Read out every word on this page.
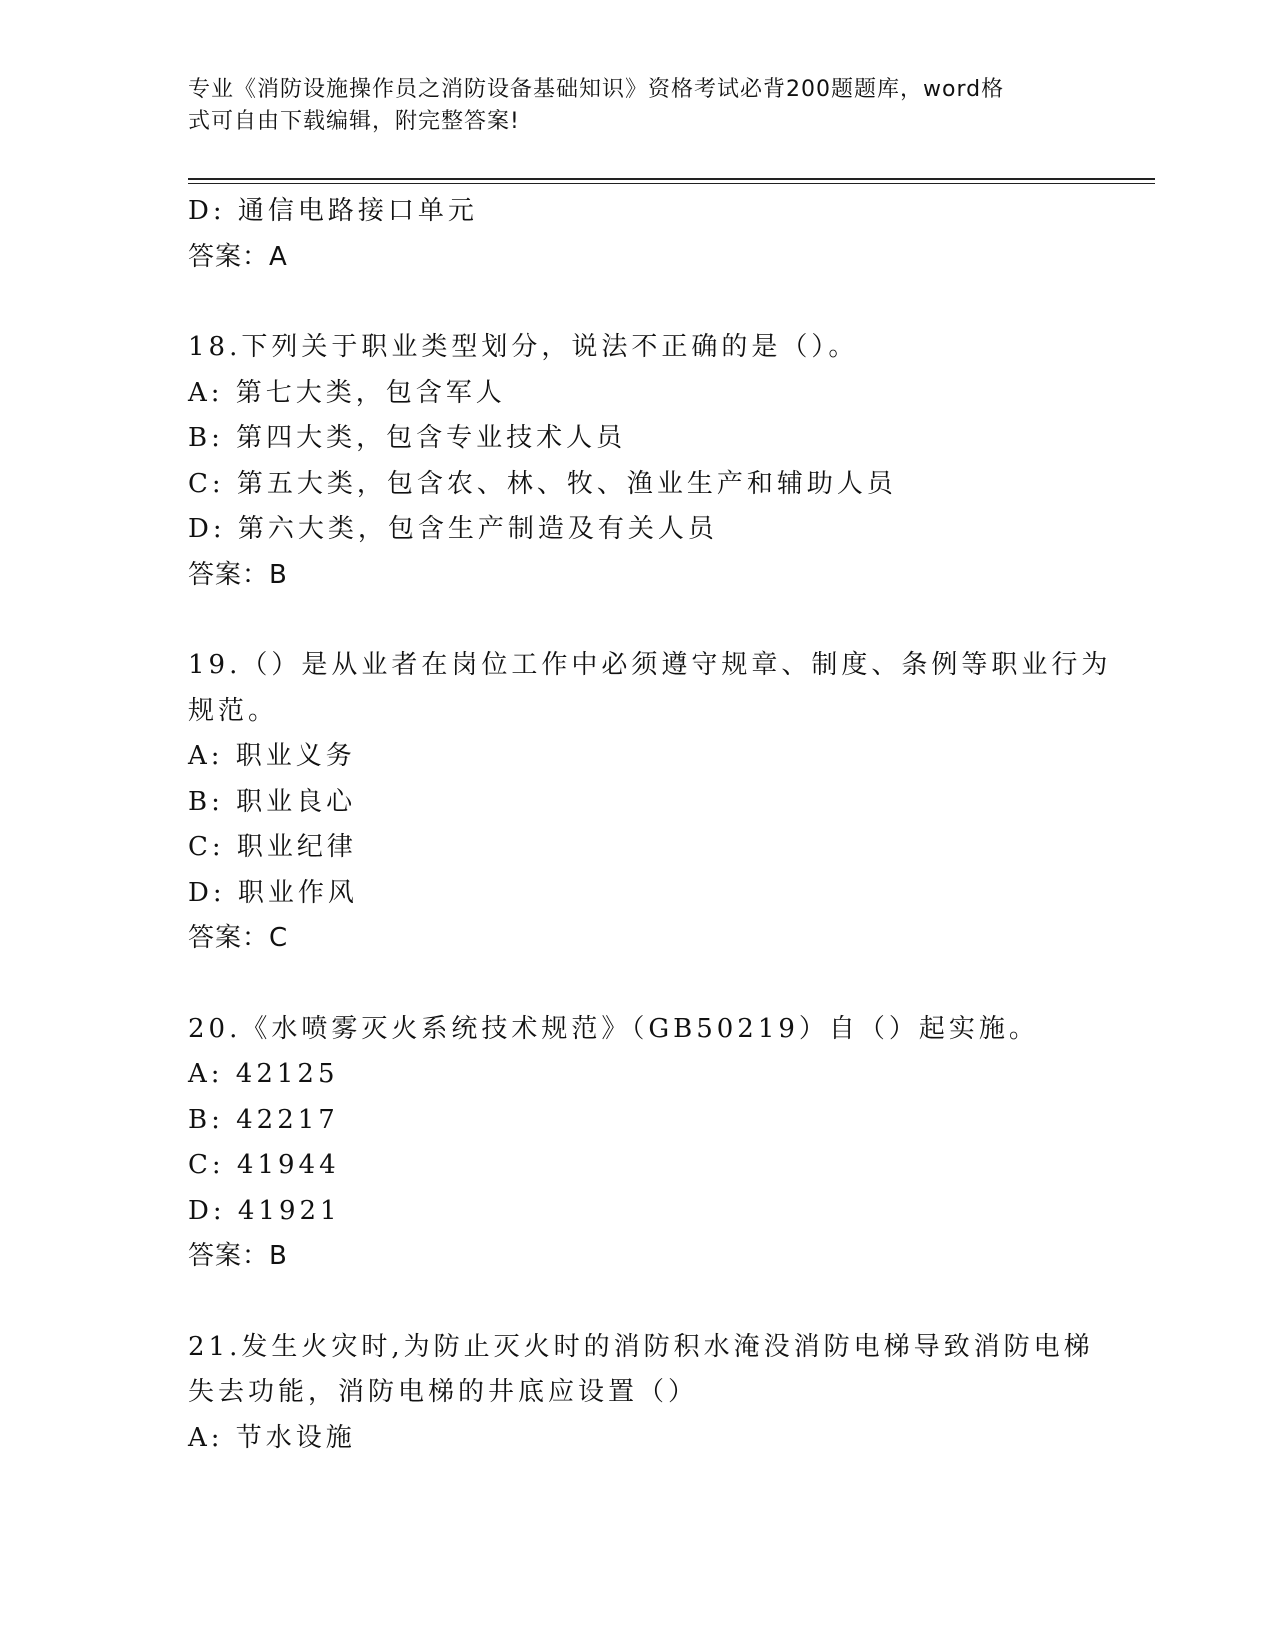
专业《消防设施操作员之消防设备基础知识》资格考试必背200题题库，word格
式可自由下载编辑，附完整答案!
D: 通信电路接口单元
答案：A
18.下列关于职业类型划分，说法不正确的是（）。
A: 第七大类，包含军人
B: 第四大类，包含专业技术人员
C: 第五大类，包含农、林、牧、渔业生产和辅助人员
D: 第六大类，包含生产制造及有关人员
答案：B
19.（）是从业者在岗位工作中必须遵守规章、制度、条例等职业行为
规范。
A: 职业义务
B: 职业良心
C: 职业纪律
D: 职业作风
答案：C
20.《水喷雾灭火系统技术规范》（GB50219）自（）起实施。
A: 42125
B: 42217
C: 41944
D: 41921
答案：B
21.发生火灾时,为防止灭火时的消防积水淹没消防电梯导致消防电梯
失去功能，消防电梯的井底应设置（）
A: 节水设施
